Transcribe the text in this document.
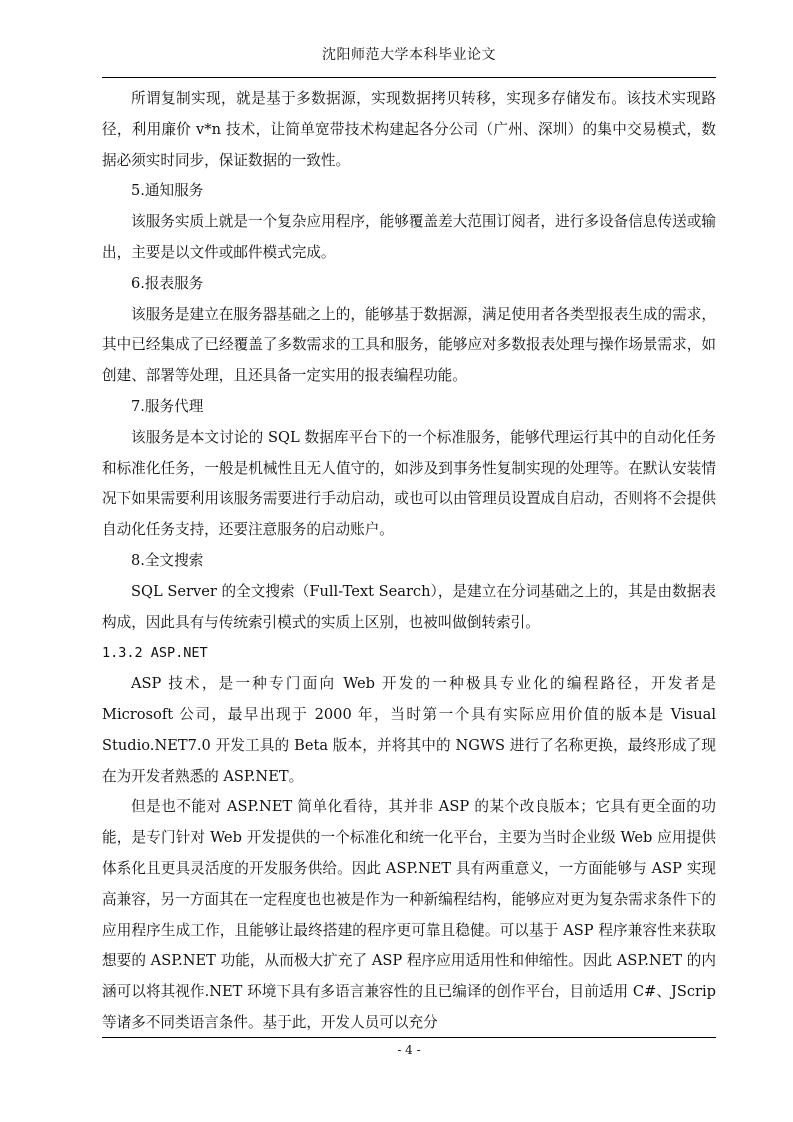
沈阳师范大学本科毕业论文

所谓复制实现，就是基于多数据源，实现数据拷贝转移，实现多存储发布。该技术实现路径，利用廉价 v*n 技术，让简单宽带技术构建起各分公司（广州、深圳）的集中交易模式，数据必须实时同步，保证数据的一致性。

5.通知服务

该服务实质上就是一个复杂应用程序，能够覆盖差大范围订阅者，进行多设备信息传送或输出，主要是以文件或邮件模式完成。

6.报表服务

该服务是建立在服务器基础之上的，能够基于数据源，满足使用者各类型报表生成的需求，其中已经集成了已经覆盖了多数需求的工具和服务，能够应对多数报表处理与操作场景需求，如创建、部署等处理，且还具备一定实用的报表编程功能。

7.服务代理

该服务是本文讨论的 SQL 数据库平台下的一个标准服务，能够代理运行其中的自动化任务和标准化任务，一般是机械性且无人值守的，如涉及到事务性复制实现的处理等。在默认安装情况下如果需要利用该服务需要进行手动启动，或也可以由管理员设置成自启动，否则将不会提供自动化任务支持，还要注意服务的启动账户。

8.全文搜索

SQL Server 的全文搜索（Full-Text Search），是建立在分词基础之上的，其是由数据表构成，因此具有与传统索引模式的实质上区别，也被叫做倒转索引。

1.3.2 ASP.NET

ASP 技术，是一种专门面向 Web 开发的一种极具专业化的编程路径，开发者是 Microsoft 公司，最早出现于 2000 年，当时第一个具有实际应用价值的版本是 Visual Studio.NET7.0 开发工具的 Beta 版本，并将其中的 NGWS 进行了名称更换，最终形成了现在为开发者熟悉的 ASP.NET。

但是也不能对 ASP.NET 简单化看待，其并非 ASP 的某个改良版本；它具有更全面的功能，是专门针对 Web 开发提供的一个标准化和统一化平台，主要为当时企业级 Web 应用提供体系化且更具灵活度的开发服务供给。因此 ASP.NET 具有两重意义，一方面能够与 ASP 实现高兼容，另一方面其在一定程度也也被是作为一种新编程结构，能够应对更为复杂需求条件下的应用程序生成工作，且能够让最终搭建的程序更可靠且稳健。可以基于 ASP 程序兼容性来获取想要的 ASP.NET 功能，从而极大扩充了 ASP 程序应用适用性和伸缩性。因此 ASP.NET 的内涵可以将其视作.NET 环境下具有多语言兼容性的且已编译的创作平台，目前适用 C#、JScrip 等诸多不同类语言条件。基于此，开发人员可以充分

- 4 -
